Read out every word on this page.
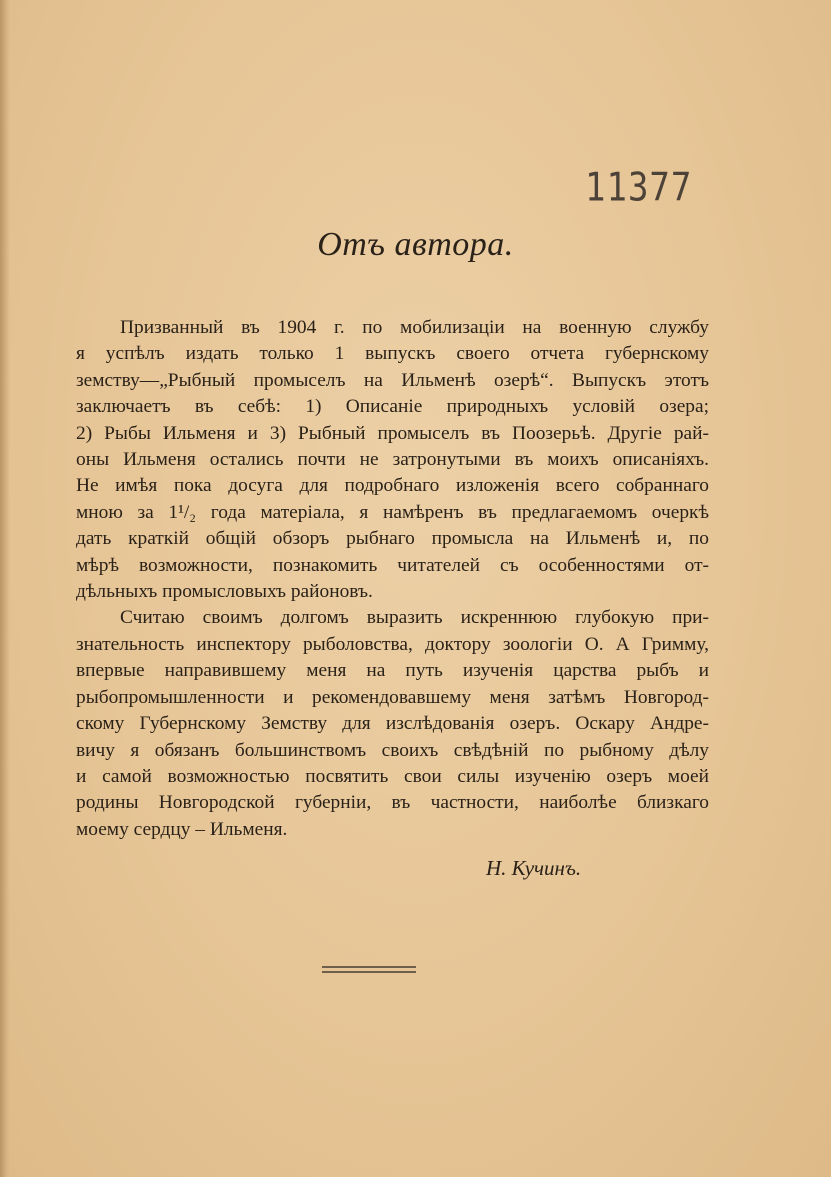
11377
Отъ автора.
Призванный въ 1904 г. по мобилизаціи на военную службу
я успѣлъ издать только 1 выпускъ своего отчета губернскому
земству—„Рыбный промыселъ на Ильменѣ озерѣ“. Выпускъ этотъ
заключаетъ въ себѣ: 1) Описаніе природныхъ условій озера;
2) Рыбы Ильменя и 3) Рыбный промыселъ въ Поозерьѣ. Другіе рай-
оны Ильменя остались почти не затронутыми въ моихъ описаніяхъ.
Не имѣя пока досуга для подробнаго изложенія всего собраннаго
мною за 1¹/₂ года матеріала, я намѣренъ въ предлагаемомъ очеркѣ
дать краткій общій обзоръ рыбнаго промысла на Ильменѣ и, по
мѣрѣ возможности, познакомить читателей съ особенностями от-
дѣльныхъ промысловыхъ районовъ.
Считаю своимъ долгомъ выразить искреннюю глубокую при-
знательность инспектору рыболовства, доктору зоологіи О. А Гримму,
впервые направившему меня на путь изученія царства рыбъ и
рыбопромышленности и рекомендовавшему меня затѣмъ Новгород-
скому Губернскому Земству для изслѣдованія озеръ. Оскару Андре-
вичу я обязанъ большинствомъ своихъ свѣдѣній по рыбному дѣлу
и самой возможностью посвятить свои силы изученію озеръ моей
родины Новгородской губерніи, въ частности, наиболѣе близкаго
моему сердцу – Ильменя.
Н. Кучинъ.
